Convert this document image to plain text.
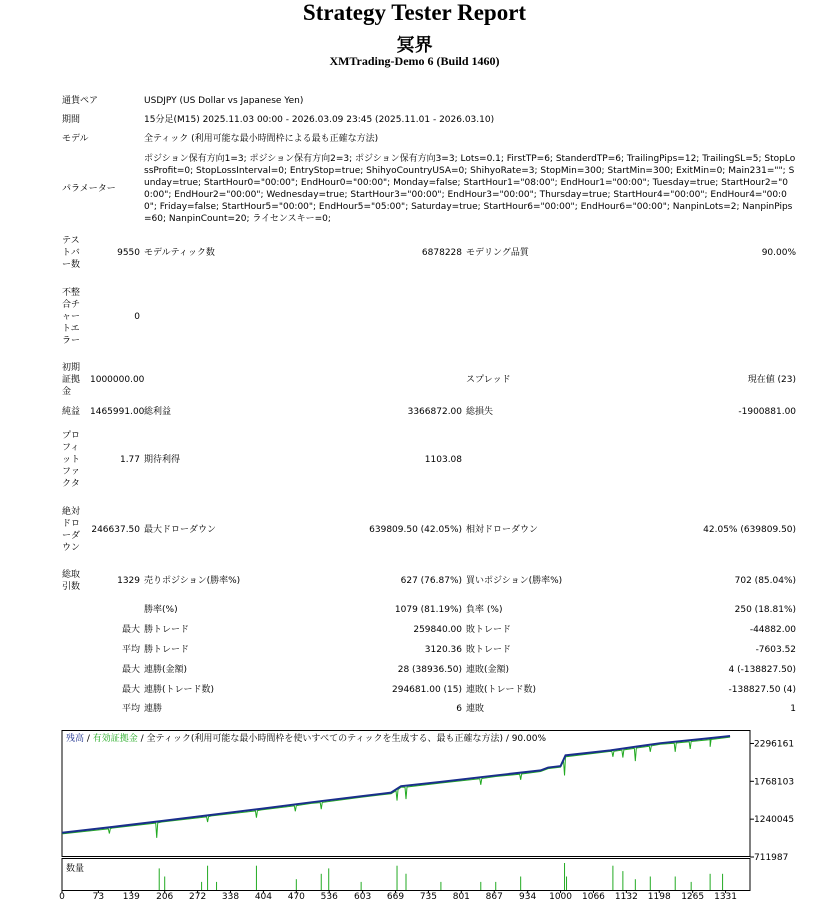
Strategy Tester Report
冥界
XMTrading-Demo 6 (Build 1460)
通貨ペア		USDJPY (US Dollar vs Japanese Yen)			
期間		15分足(M15) 2025.11.03 00:00 - 2026.03.09 23:45 (2025.11.01 - 2026.03.10)			
モデル		全ティック (利用可能な最小時間枠による最も正確な方法)			
パラメーター		ポジション保有方向1=3; ポジション保有方向2=3; ポジション保有方向3=3; Lots=0.1; FirstTP=6; StanderdTP=6; TrailingPips=12; TrailingSL=5; StopLossProfit=0; StopLossInterval=0; EntryStop=true; ShihyoCountryUSA=0; ShihyoRate=3; StopMin=300; StartMin=300; ExitMin=0; Main231=""; Sunday=true; StartHour0="00:00"; EndHour0="00:00"; Monday=false; StartHour1="08:00"; EndHour1="00:00"; Tuesday=true; StartHour2="00:00"; EndHour2="00:00"; Wednesday=true; StartHour3="00:00"; EndHour3="00:00"; Thursday=true; StartHour4="00:00"; EndHour4="00:00"; Friday=false; StartHour5="00:00"; EndHour5="05:00"; Saturday=true; StartHour6="00:00"; EndHour6="00:00"; NanpinLots=2; NanpinPips=60; NanpinCount=20; ライセンスキー=0;			
テストバー数	9550	モデルティック数	6878228	モデリング品質	90.00%
不整合チャートエラー	0				
初期証拠金	1000000.00			スプレッド	現在値 (23)
純益	1465991.00	総利益	3366872.00	総損失	-1900881.00
プロフィットファクタ	1.77	期待利得	1103.08		
絶対ドローダウン	246637.50	最大ドローダウン	639809.50 (42.05%)	相対ドローダウン	42.05% (639809.50)
総取引数	1329	売りポジション(勝率%)	627 (76.87%)	買いポジション(勝率%)	702 (85.04%)
		勝率(%)	1079 (81.19%)	負率 (%)	250 (18.81%)
最大		勝トレード	259840.00	敗トレード	-44882.00
平均		勝トレード	3120.36	敗トレード	-7603.52
最大		連勝(金額)	28 (38936.50)	連敗(金額)	4 (-138827.50)
最大		連勝(トレード数)	294681.00 (15)	連敗(トレード数)	-138827.50 (4)
平均		連勝	6	連敗	1
残高 / 有効証拠金 / 全ティック(利用可能な最小時間枠を使いすべてのティックを生成する、最も正確な方法) / 90.00%
数量
2296161
1768103
1240045
711987
0	73 139 206 272 338 404 470 536 603 669 735 801 867 934 1000 1066 1132 1198 1265 1331
